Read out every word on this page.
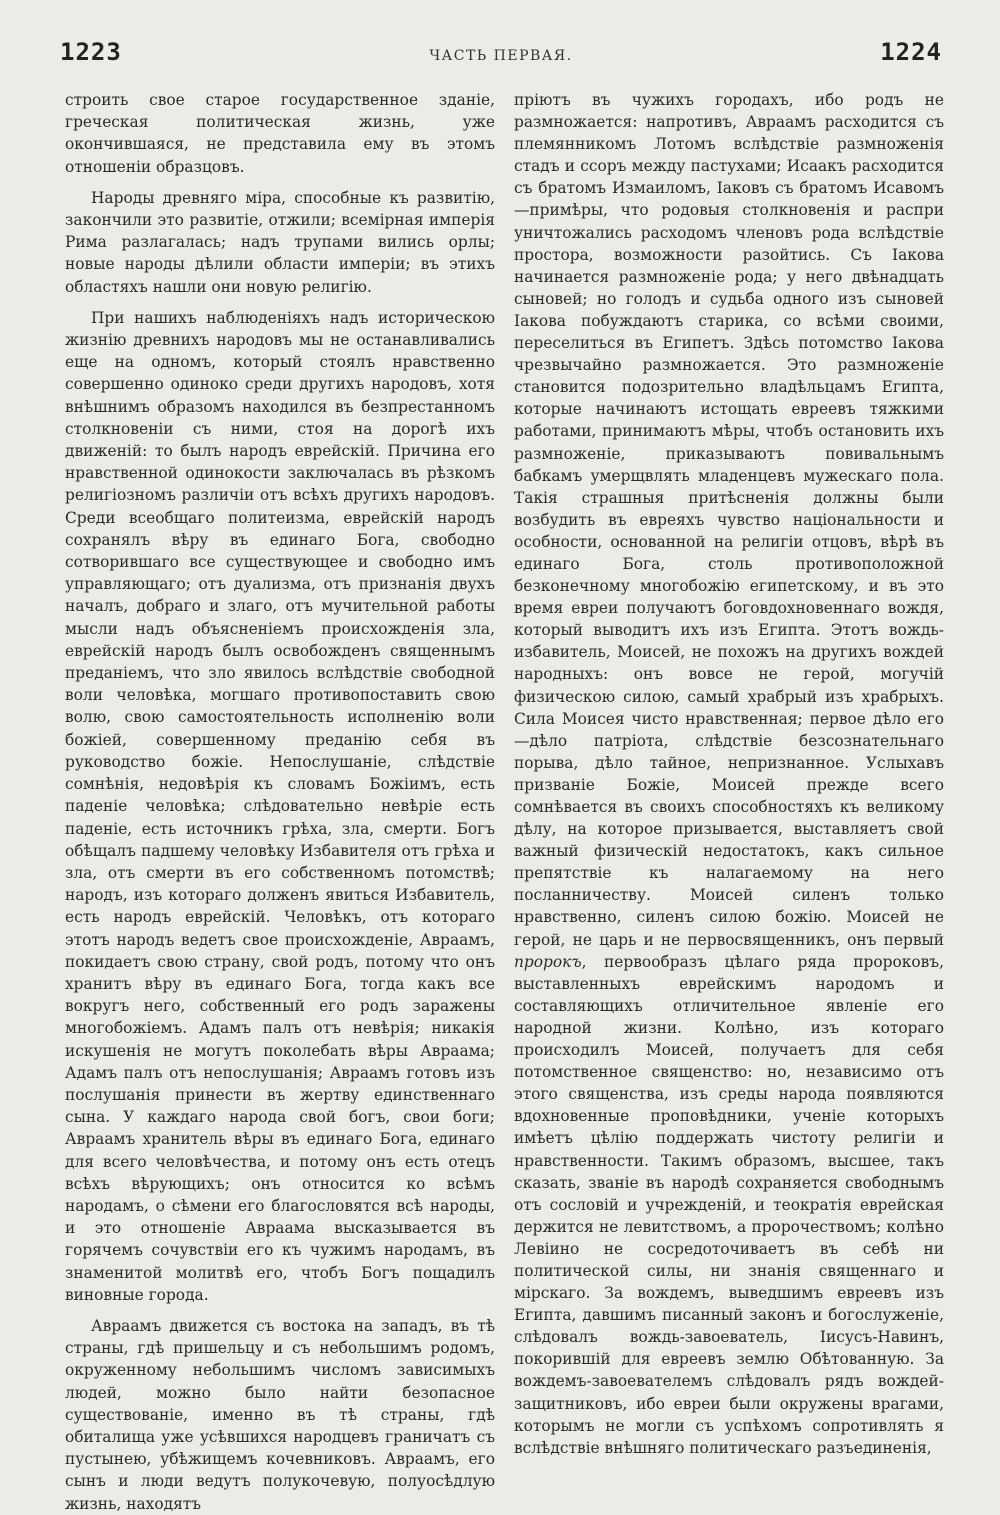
1223	ЧАСТЬ ПЕРВАЯ.	1224

строить свое старое государственное зданіе, греческая политическая жизнь, уже окончившаяся, не представила ему въ этомъ отношеніи образцовъ.

Народы древняго міра, способные къ развитію, закончили это развитіе, отжили; всемірная имперія Рима разлагалась; надъ трупами вились орлы; новые народы дѣлили области имперіи; въ этихъ областяхъ нашли они новую религію.

При нашихъ наблюденіяхъ надъ историческою жизнію древнихъ народовъ мы не останавливались еще на одномъ, который стоялъ нравственно совершенно одиноко среди другихъ народовъ, хотя внѣшнимъ образомъ находился въ безпрестанномъ столкновеніи съ ними, стоя на дорогѣ ихъ движеній: то былъ народъ еврейскій. Причина его нравственной одинокости заключалась въ рѣзкомъ религіозномъ различіи отъ всѣхъ другихъ народовъ. Среди всеобщаго политеизма, еврейскій народъ сохранялъ вѣру въ единаго Бога, свободно сотворившаго все существующее и свободно имъ управляющаго; отъ дуализма, отъ признанія двухъ началъ, добраго и злаго, отъ мучительной работы мысли надъ объясненіемъ происхожденія зла, еврейскій народъ былъ освобожденъ священнымъ преданіемъ, что зло явилось вслѣдствіе свободной воли человѣка, могшаго противопоставить свою волю, свою самостоятельность исполненію воли божіей, совершенному преданію себя въ руководство божіе. Непослушаніе, слѣдствіе сомнѣнія, недовѣрія къ словамъ Божіимъ, есть паденіе человѣка; слѣдовательно невѣріе есть паденіе, есть источникъ грѣха, зла, смерти. Богъ обѣщалъ падшему человѣку Избавителя отъ грѣха и зла, отъ смерти въ его собственномъ потомствѣ; народъ, изъ котораго долженъ явиться Избавитель, есть народъ еврейскій. Человѣкъ, отъ котораго этотъ народъ ведетъ свое происхожденіе, Авраамъ, покидаетъ свою страну, свой родъ, потому что онъ хранитъ вѣру въ единаго Бога, тогда какъ все вокругъ него, собственный его родъ заражены многобожіемъ. Адамъ палъ отъ невѣрія; никакія искушенія не могутъ поколебать вѣры Авраама; Адамъ палъ отъ непослушанія; Авраамъ готовъ изъ послушанія принести въ жертву единственнаго сына. У каждаго народа свой богъ, свои боги; Авраамъ хранитель вѣры въ единаго Бога, единаго для всего человѣчества, и потому онъ есть отецъ всѣхъ вѣрующихъ; онъ относится ко всѣмъ народамъ, о сѣмени его благословятся всѣ народы, и это отношеніе Авраама высказывается въ горячемъ сочувствіи его къ чужимъ народамъ, въ знаменитой молитвѣ его, чтобъ Богъ пощадилъ виновные города.

Авраамъ движется съ востока на западъ, въ тѣ страны, гдѣ пришельцу и съ небольшимъ родомъ, окруженному небольшимъ числомъ зависимыхъ людей, можно было найти безопасное существованіе, именно въ тѣ страны, гдѣ обиталища уже усѣвшихся народцевъ граничатъ съ пустынею, убѣжищемъ кочевниковъ. Авраамъ, его сынъ и люди ведутъ полукочевую, полуосѣдлую жизнь, находятъ

пріютъ въ чужихъ городахъ, ибо родъ не размножается: напротивъ, Авраамъ расходится съ племянникомъ Лотомъ вслѣдствіе размноженія стадъ и ссоръ между пастухами; Исаакъ расходится съ братомъ Измаиломъ, Іаковъ съ братомъ Исавомъ—примѣры, что родовыя столкновенія и распри уничтожались расходомъ членовъ рода вслѣдствіе простора, возможности разойтись. Съ Іакова начинается размноженіе рода; у него двѣнадцать сыновей; но голодъ и судьба одного изъ сыновей Іакова побуждаютъ старика, со всѣми своими, переселиться въ Египетъ. Здѣсь потомство Іакова чрезвычайно размножается. Это размноженіе становится подозрительно владѣльцамъ Египта, которые начинаютъ истощать евреевъ тяжкими работами, принимаютъ мѣры, чтобъ остановить ихъ размноженіе, приказываютъ повивальнымъ бабкамъ умерщвлять младенцевъ мужескаго пола. Такія страшныя притѣсненія должны были возбудить въ евреяхъ чувство національности и особности, основанной на религіи отцовъ, вѣрѣ въ единаго Бога, столь противоположной безконечному многобожію египетскому, и въ это время евреи получаютъ боговдохновеннаго вождя, который выводитъ ихъ изъ Египта. Этотъ вождь-избавитель, Моисей, не похожъ на другихъ вождей народныхъ: онъ вовсе не герой, могучій физическою силою, самый храбрый изъ храбрыхъ. Сила Моисея чисто нравственная; первое дѣло его—дѣло патріота, слѣдствіе безсознательнаго порыва, дѣло тайное, непризнанное. Услыхавъ призваніе Божіе, Моисей прежде всего сомнѣвается въ своихъ способностяхъ къ великому дѣлу, на которое призывается, выставляетъ свой важный физическій недостатокъ, какъ сильное препятствіе къ налагаемому на него посланничеству. Моисей силенъ только нравственно, силенъ силою божію. Моисей не герой, не царь и не первосвященникъ, онъ первый пророкъ, первообразъ цѣлаго ряда пророковъ, выставленныхъ еврейскимъ народомъ и составляющихъ отличительное явленіе его народной жизни. Колѣно, изъ котораго происходилъ Моисей, получаетъ для себя потомственное священство: но, независимо отъ этого священства, изъ среды народа появляются вдохновенные проповѣдники, ученіе которыхъ имѣетъ цѣлію поддержать чистоту религіи и нравственности. Такимъ образомъ, высшее, такъ сказать, званіе въ народѣ сохраняется свободнымъ отъ сословій и учрежденій, и теократія еврейская держится не левитствомъ, а пророчествомъ; колѣно Левіино не сосредоточиваетъ въ себѣ ни политической силы, ни знанія священнаго и мірскаго. За вождемъ, выведшимъ евреевъ изъ Египта, давшимъ писанный законъ и богослуженіе, слѣдовалъ вождь-завоеватель, Іисусъ-Навинъ, покорившій для евреевъ землю Обѣтованную. За вождемъ-завоевателемъ слѣдовалъ рядъ вождей-защитниковъ, ибо евреи были окружены врагами, которымъ не могли съ успѣхомъ сопротивлять я вслѣдствіе внѣшняго политическаго разъединенія,
